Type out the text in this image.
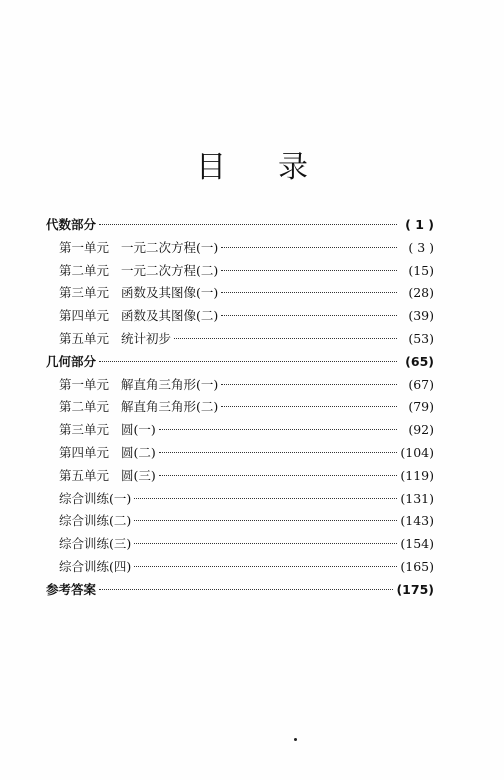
目 录
代数部分	( 1 )
第一单元 一元二次方程(一)	( 3 )
第二单元 一元二次方程(二)	(15)
第三单元 函数及其图像(一)	(28)
第四单元 函数及其图像(二)	(39)
第五单元 统计初步	(53)
几何部分	(65)
第一单元 解直角三角形(一)	(67)
第二单元 解直角三角形(二)	(79)
第三单元 圆(一)	(92)
第四单元 圆(二)	(104)
第五单元 圆(三)	(119)
综合训练(一)	(131)
综合训练(二)	(143)
综合训练(三)	(154)
综合训练(四)	(165)
参考答案	(175)
